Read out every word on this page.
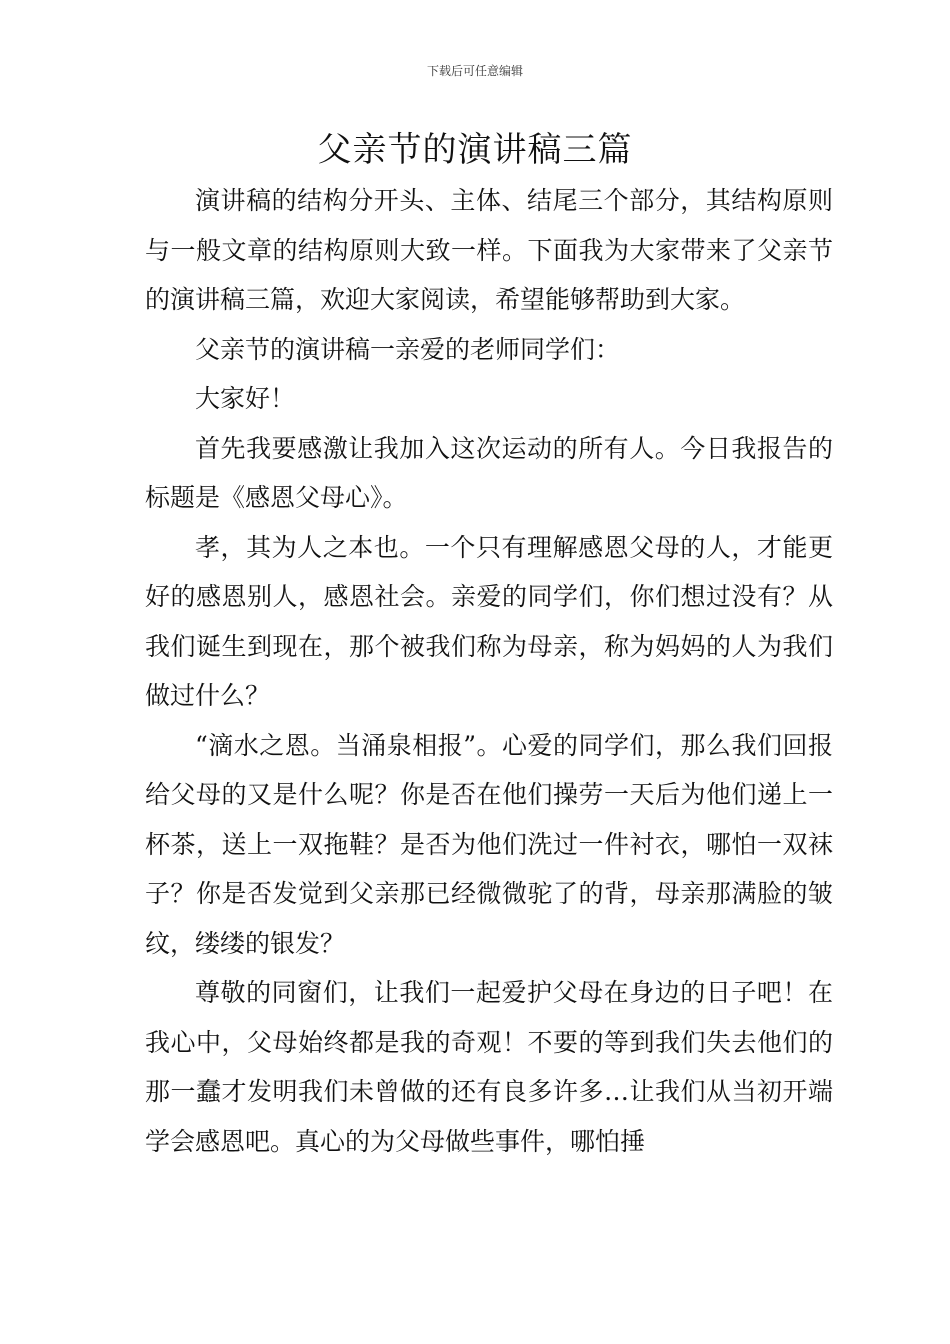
下载后可任意编辑
父亲节的演讲稿三篇

演讲稿的结构分开头、主体、结尾三个部分，其结构原则与一般文章的结构原则大致一样。下面我为大家带来了父亲节的演讲稿三篇，欢迎大家阅读，希望能够帮助到大家。

父亲节的演讲稿一亲爱的老师同学们：

大家好！

首先我要感激让我加入这次运动的所有人。今日我报告的标题是《感恩父母心》。

孝，其为人之本也。一个只有理解感恩父母的人，才能更好的感恩别人，感恩社会。亲爱的同学们，你们想过没有？从我们诞生到现在，那个被我们称为母亲，称为妈妈的人为我们做过什么？

“滴水之恩。当涌泉相报”。心爱的同学们，那么我们回报给父母的又是什么呢？你是否在他们操劳一天后为他们递上一杯茶，送上一双拖鞋？是否为他们洗过一件衬衣，哪怕一双袜子？你是否发觉到父亲那已经微微驼了的背，母亲那满脸的皱纹，缕缕的银发？

尊敬的同窗们，让我们一起爱护父母在身边的日子吧！在我心中，父母始终都是我的奇观！不要的等到我们失去他们的那一蠢才发明我们未曾做的还有良多许多…让我们从当初开端学会感恩吧。真心的为父母做些事件，哪怕捶
